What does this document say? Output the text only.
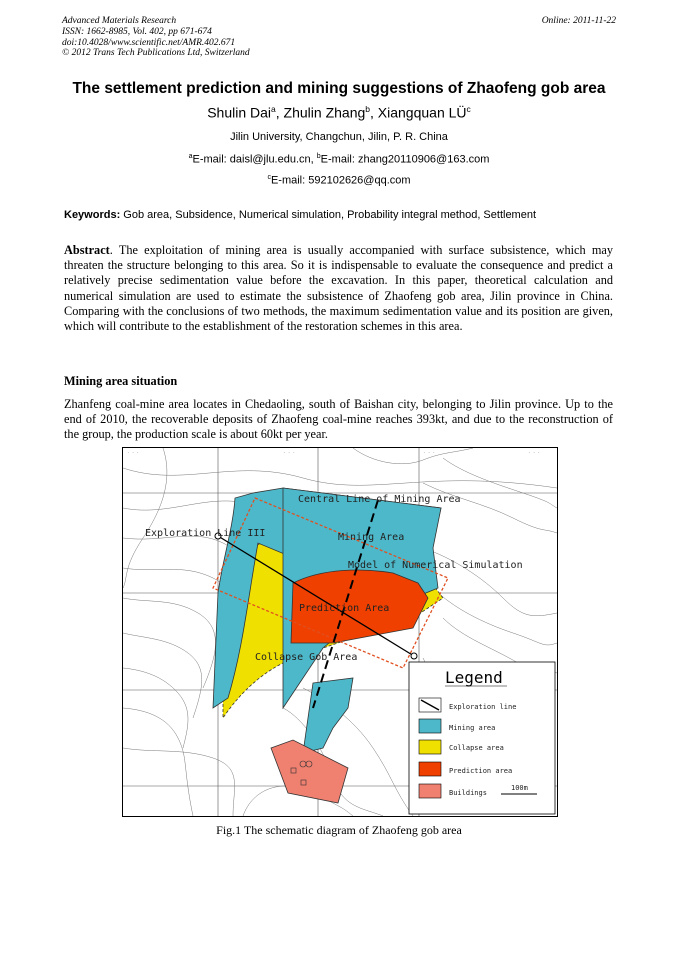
Advanced Materials Research
ISSN: 1662-8985, Vol. 402, pp 671-674
doi:10.4028/www.scientific.net/AMR.402.671
© 2012 Trans Tech Publications Ltd, Switzerland
Online: 2011-11-22
The settlement prediction and mining suggestions of Zhaofeng gob area
Shulin Dai$^a$, Zhulin Zhang$^b$, Xiangquan $LÜ^c$
Jilin University, Changchun, Jilin, P. R. China
$^a$E-mail: daisl@jlu.edu.cn, $^b$E-mail: zhang20110906@163.com
$^c$E-mail: 592102626@qq.com
Keywords: Gob area, Subsidence, Numerical simulation, Probability integral method, Settlement
Abstract. The exploitation of mining area is usually accompanied with surface subsistence, which may threaten the structure belonging to this area. So it is indispensable to evaluate the consequence and predict a relatively precise sedimentation value before the excavation. In this paper, theoretical calculation and numerical simulation are used to estimate the subsistence of Zhaofeng gob area, Jilin province in China. Comparing with the conclusions of two methods, the maximum sedimentation value and its position are given, which will contribute to the establishment of the restoration schemes in this area.
Mining area situation
Zhanfeng coal-mine area locates in Chedaoling, south of Baishan city, belonging to Jilin province. Up to the end of 2010, the recoverable deposits of Zhaofeng coal-mine reaches 393kt, and due to the reconstruction of the group, the production scale is about 60kt per year.
· · ·	· · ·	· · ·	· · ·
Central Line of Mining Area
Exploration Line III	Mining Area
Model of Numerical Simulation
Prediction Area
Collapse Gob Area
Legend
Exploration line
Mining area
Collapse area
Prediction area
Buildings
100m
Fig.1 The schematic diagram of Zhaofeng gob area
